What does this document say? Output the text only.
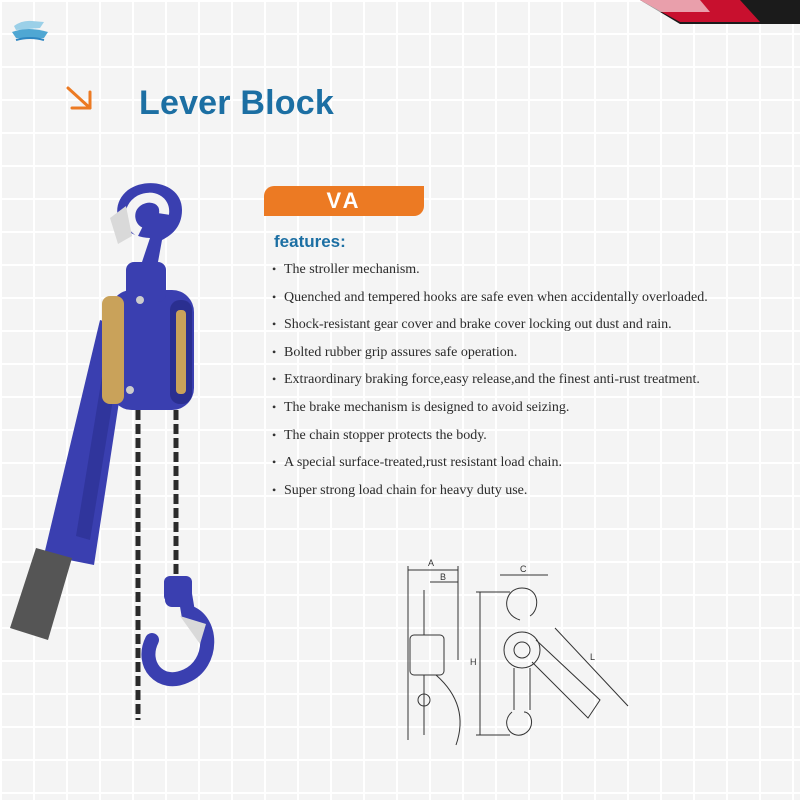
Lever Block
VA
features:
• The stroller mechanism.
• Quenched and tempered hooks are safe even when accidentally overloaded.
• Shock-resistant gear cover and brake cover locking out dust and rain.
• Bolted rubber grip assures safe operation.
• Extraordinary braking force,easy release,and the finest anti-rust treatment.
• The brake mechanism is designed to avoid seizing.
• The chain stopper protects the body.
• A special surface-treated,rust resistant load chain.
• Super strong load chain for heavy duty use.
A
B
C
H	L
